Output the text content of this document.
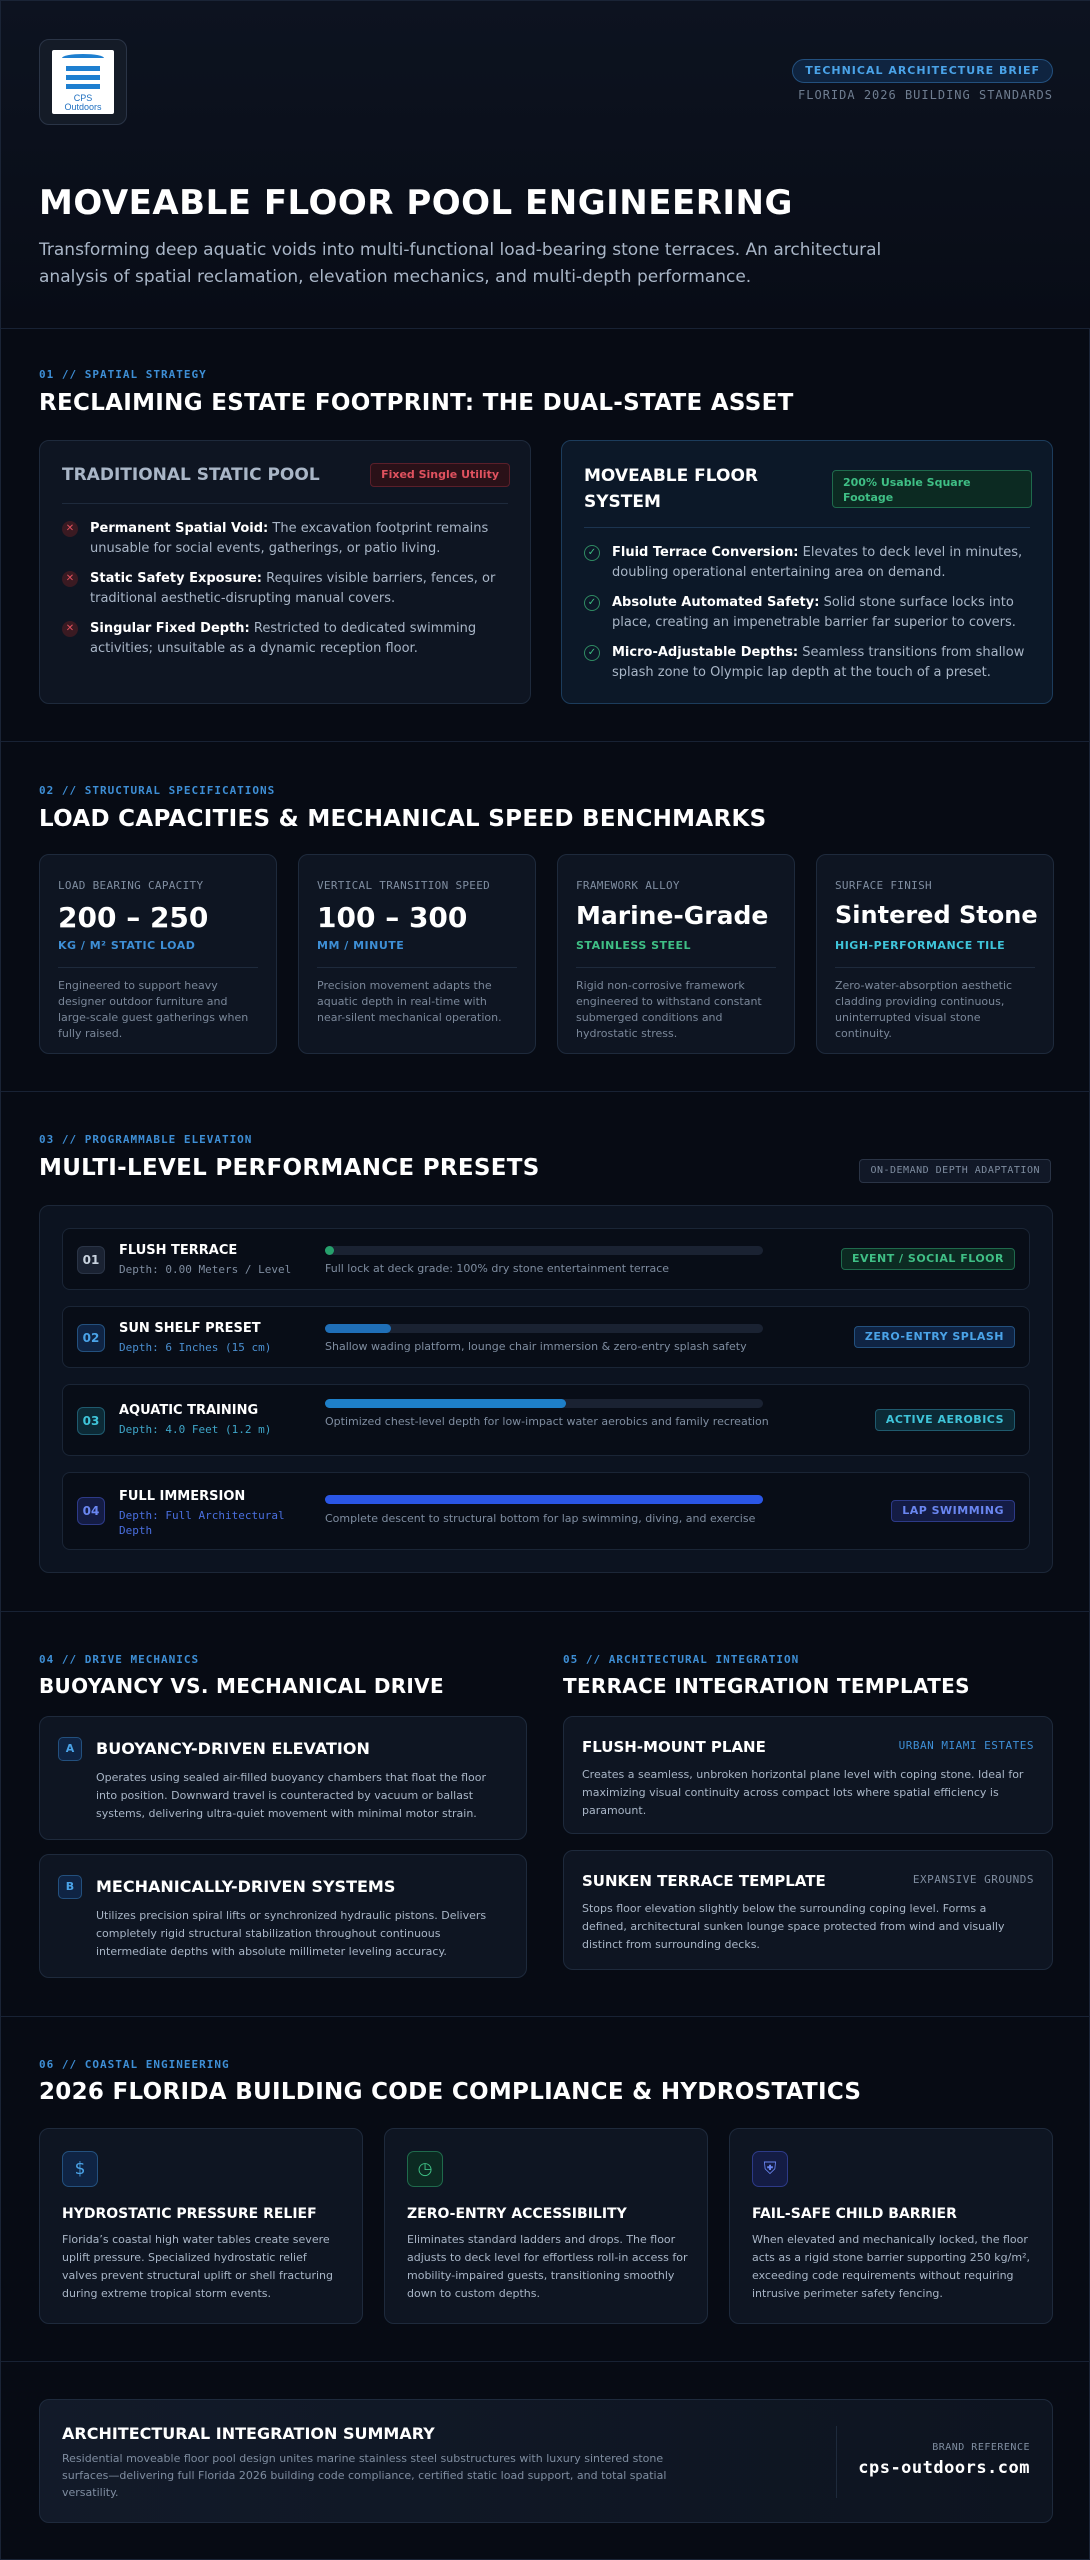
CPS
Outdoors
TECHNICAL ARCHITECTURE BRIEF
FLORIDA 2026 BUILDING STANDARDS
MOVEABLE FLOOR POOL ENGINEERING
Transforming deep aquatic voids into multi-functional load-bearing stone terraces. An architectural analysis of spatial reclamation, elevation mechanics, and multi-depth performance.
01 // SPATIAL STRATEGY
RECLAIMING ESTATE FOOTPRINT: THE DUAL-STATE ASSET
TRADITIONAL STATIC POOL	Fixed Single Utility
✕ Permanent Spatial Void: The excavation footprint remains unusable for social events, gatherings, or patio living.
✕ Static Safety Exposure: Requires visible barriers, fences, or traditional aesthetic-disrupting manual covers.
✕ Singular Fixed Depth: Restricted to dedicated swimming activities; unsuitable as a dynamic reception floor.
MOVEABLE FLOOR
SYSTEM
200% Usable Square
Footage
✓ Fluid Terrace Conversion: Elevates to deck level in minutes, doubling operational entertaining area on demand.
✓ Absolute Automated Safety: Solid stone surface locks into place, creating an impenetrable barrier far superior to covers.
✓ Micro-Adjustable Depths: Seamless transitions from shallow splash zone to Olympic lap depth at the touch of a preset.
02 // STRUCTURAL SPECIFICATIONS
LOAD CAPACITIES & MECHANICAL SPEED BENCHMARKS
LOAD BEARING CAPACITY
200 – 250
KG / M² STATIC LOAD
Engineered to support heavy designer outdoor furniture and large-scale guest gatherings when fully raised.
VERTICAL TRANSITION SPEED
100 – 300
MM / MINUTE
Precision movement adapts the aquatic depth in real-time with near-silent mechanical operation.
FRAMEWORK ALLOY
Marine-Grade
STAINLESS STEEL
Rigid non-corrosive framework engineered to withstand constant submerged conditions and hydrostatic stress.
SURFACE FINISH
Sintered Stone
HIGH-PERFORMANCE TILE
Zero-water-absorption aesthetic cladding providing continuous, uninterrupted visual stone continuity.
03 // PROGRAMMABLE ELEVATION
MULTI-LEVEL PERFORMANCE PRESETS	ON-DEMAND DEPTH ADAPTATION
01
FLUSH TERRACE
Depth: 0.00 Meters / Level	Full lock at deck grade: 100% dry stone entertainment terrace
EVENT / SOCIAL FLOOR
02
SUN SHELF PRESET
Depth: 6 Inches (15 cm)	Shallow wading platform, lounge chair immersion & zero-entry splash safety
ZERO-ENTRY SPLASH
03
AQUATIC TRAINING
Depth: 4.0 Feet (1.2 m)
Optimized chest-level depth for low-impact water aerobics and family recreation	ACTIVE AEROBICS
04
FULL IMMERSION
Depth: Full Architectural
Depth
Complete descent to structural bottom for lap swimming, diving, and exercise
LAP SWIMMING
04 // DRIVE MECHANICS
BUOYANCY VS. MECHANICAL DRIVE
A	BUOYANCY-DRIVEN ELEVATION
Operates using sealed air-filled buoyancy chambers that float the floor into position. Downward travel is counteracted by vacuum or ballast systems, delivering ultra-quiet movement with minimal motor strain.
B	MECHANICALLY-DRIVEN SYSTEMS
Utilizes precision spiral lifts or synchronized hydraulic pistons. Delivers completely rigid structural stabilization throughout continuous intermediate depths with absolute millimeter leveling accuracy.
05 // ARCHITECTURAL INTEGRATION
TERRACE INTEGRATION TEMPLATES
FLUSH-MOUNT PLANE	URBAN MIAMI ESTATES
Creates a seamless, unbroken horizontal plane level with coping stone. Ideal for maximizing visual continuity across compact lots where spatial efficiency is paramount.
SUNKEN TERRACE TEMPLATE	EXPANSIVE GROUNDS
Stops floor elevation slightly below the surrounding coping level. Forms a defined, architectural sunken lounge space protected from wind and visually distinct from surrounding decks.
06 // COASTAL ENGINEERING
2026 FLORIDA BUILDING CODE COMPLIANCE & HYDROSTATICS
$
HYDROSTATIC PRESSURE RELIEF
Florida’s coastal high water tables create severe uplift pressure. Specialized hydrostatic relief valves prevent structural uplift or shell fracturing during extreme tropical storm events.
◷
ZERO-ENTRY ACCESSIBILITY
Eliminates standard ladders and drops. The floor adjusts to deck level for effortless roll-in access for mobility-impaired guests, transitioning smoothly down to custom depths.
⛨
FAIL-SAFE CHILD BARRIER
When elevated and mechanically locked, the floor acts as a rigid stone barrier supporting 250 kg/m², exceeding code requirements without requiring intrusive perimeter safety fencing.
ARCHITECTURAL INTEGRATION SUMMARY
Residential moveable floor pool design unites marine stainless steel substructures with luxury sintered stone surfaces—delivering full Florida 2026 building code compliance, certified static load support, and total spatial versatility.
BRAND REFERENCE
cps-outdoors.com
